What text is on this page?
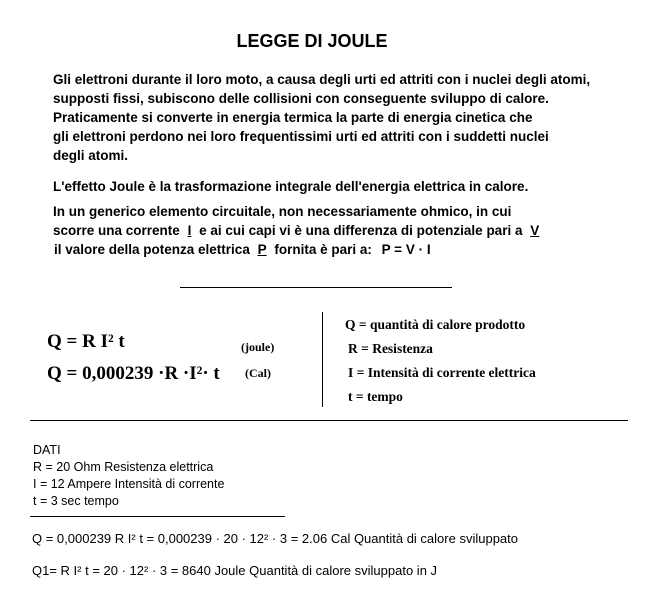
LEGGE DI JOULE
Gli elettroni durante il loro moto, a causa degli urti ed attriti con i nuclei degli atomi,
supposti fissi, subiscono delle collisioni con conseguente sviluppo di calore.
Praticamente si converte in energia termica la parte di energia cinetica che
gli elettroni perdono nei loro frequentissimi urti ed attriti con i suddetti nuclei
degli atomi.
L'effetto Joule è la trasformazione integrale dell'energia elettrica in calore.
In un generico elemento circuitale, non necessariamente ohmico, in cui
scorre una corrente I e ai cui capi vi è una differenza di potenziale pari a V
il valore della potenza elettrica P fornita è pari a: P = V · I
Q = R I² t	(joule)
Q = 0,000239 ·R ·I²· t (Cal)
Q = quantità di calore prodotto
R = Resistenza
I = Intensità di corrente elettrica
t = tempo
DATI
R = 20 Ohm Resistenza elettrica
I = 12 Ampere Intensità di corrente
t = 3 sec tempo
Q = 0,000239 R I² t = 0,000239 · 20 · 12² · 3 = 2.06 Cal Quantità di calore sviluppato
Q1= R I² t = 20 · 12² · 3 = 8640 Joule Quantità di calore sviluppato in J
